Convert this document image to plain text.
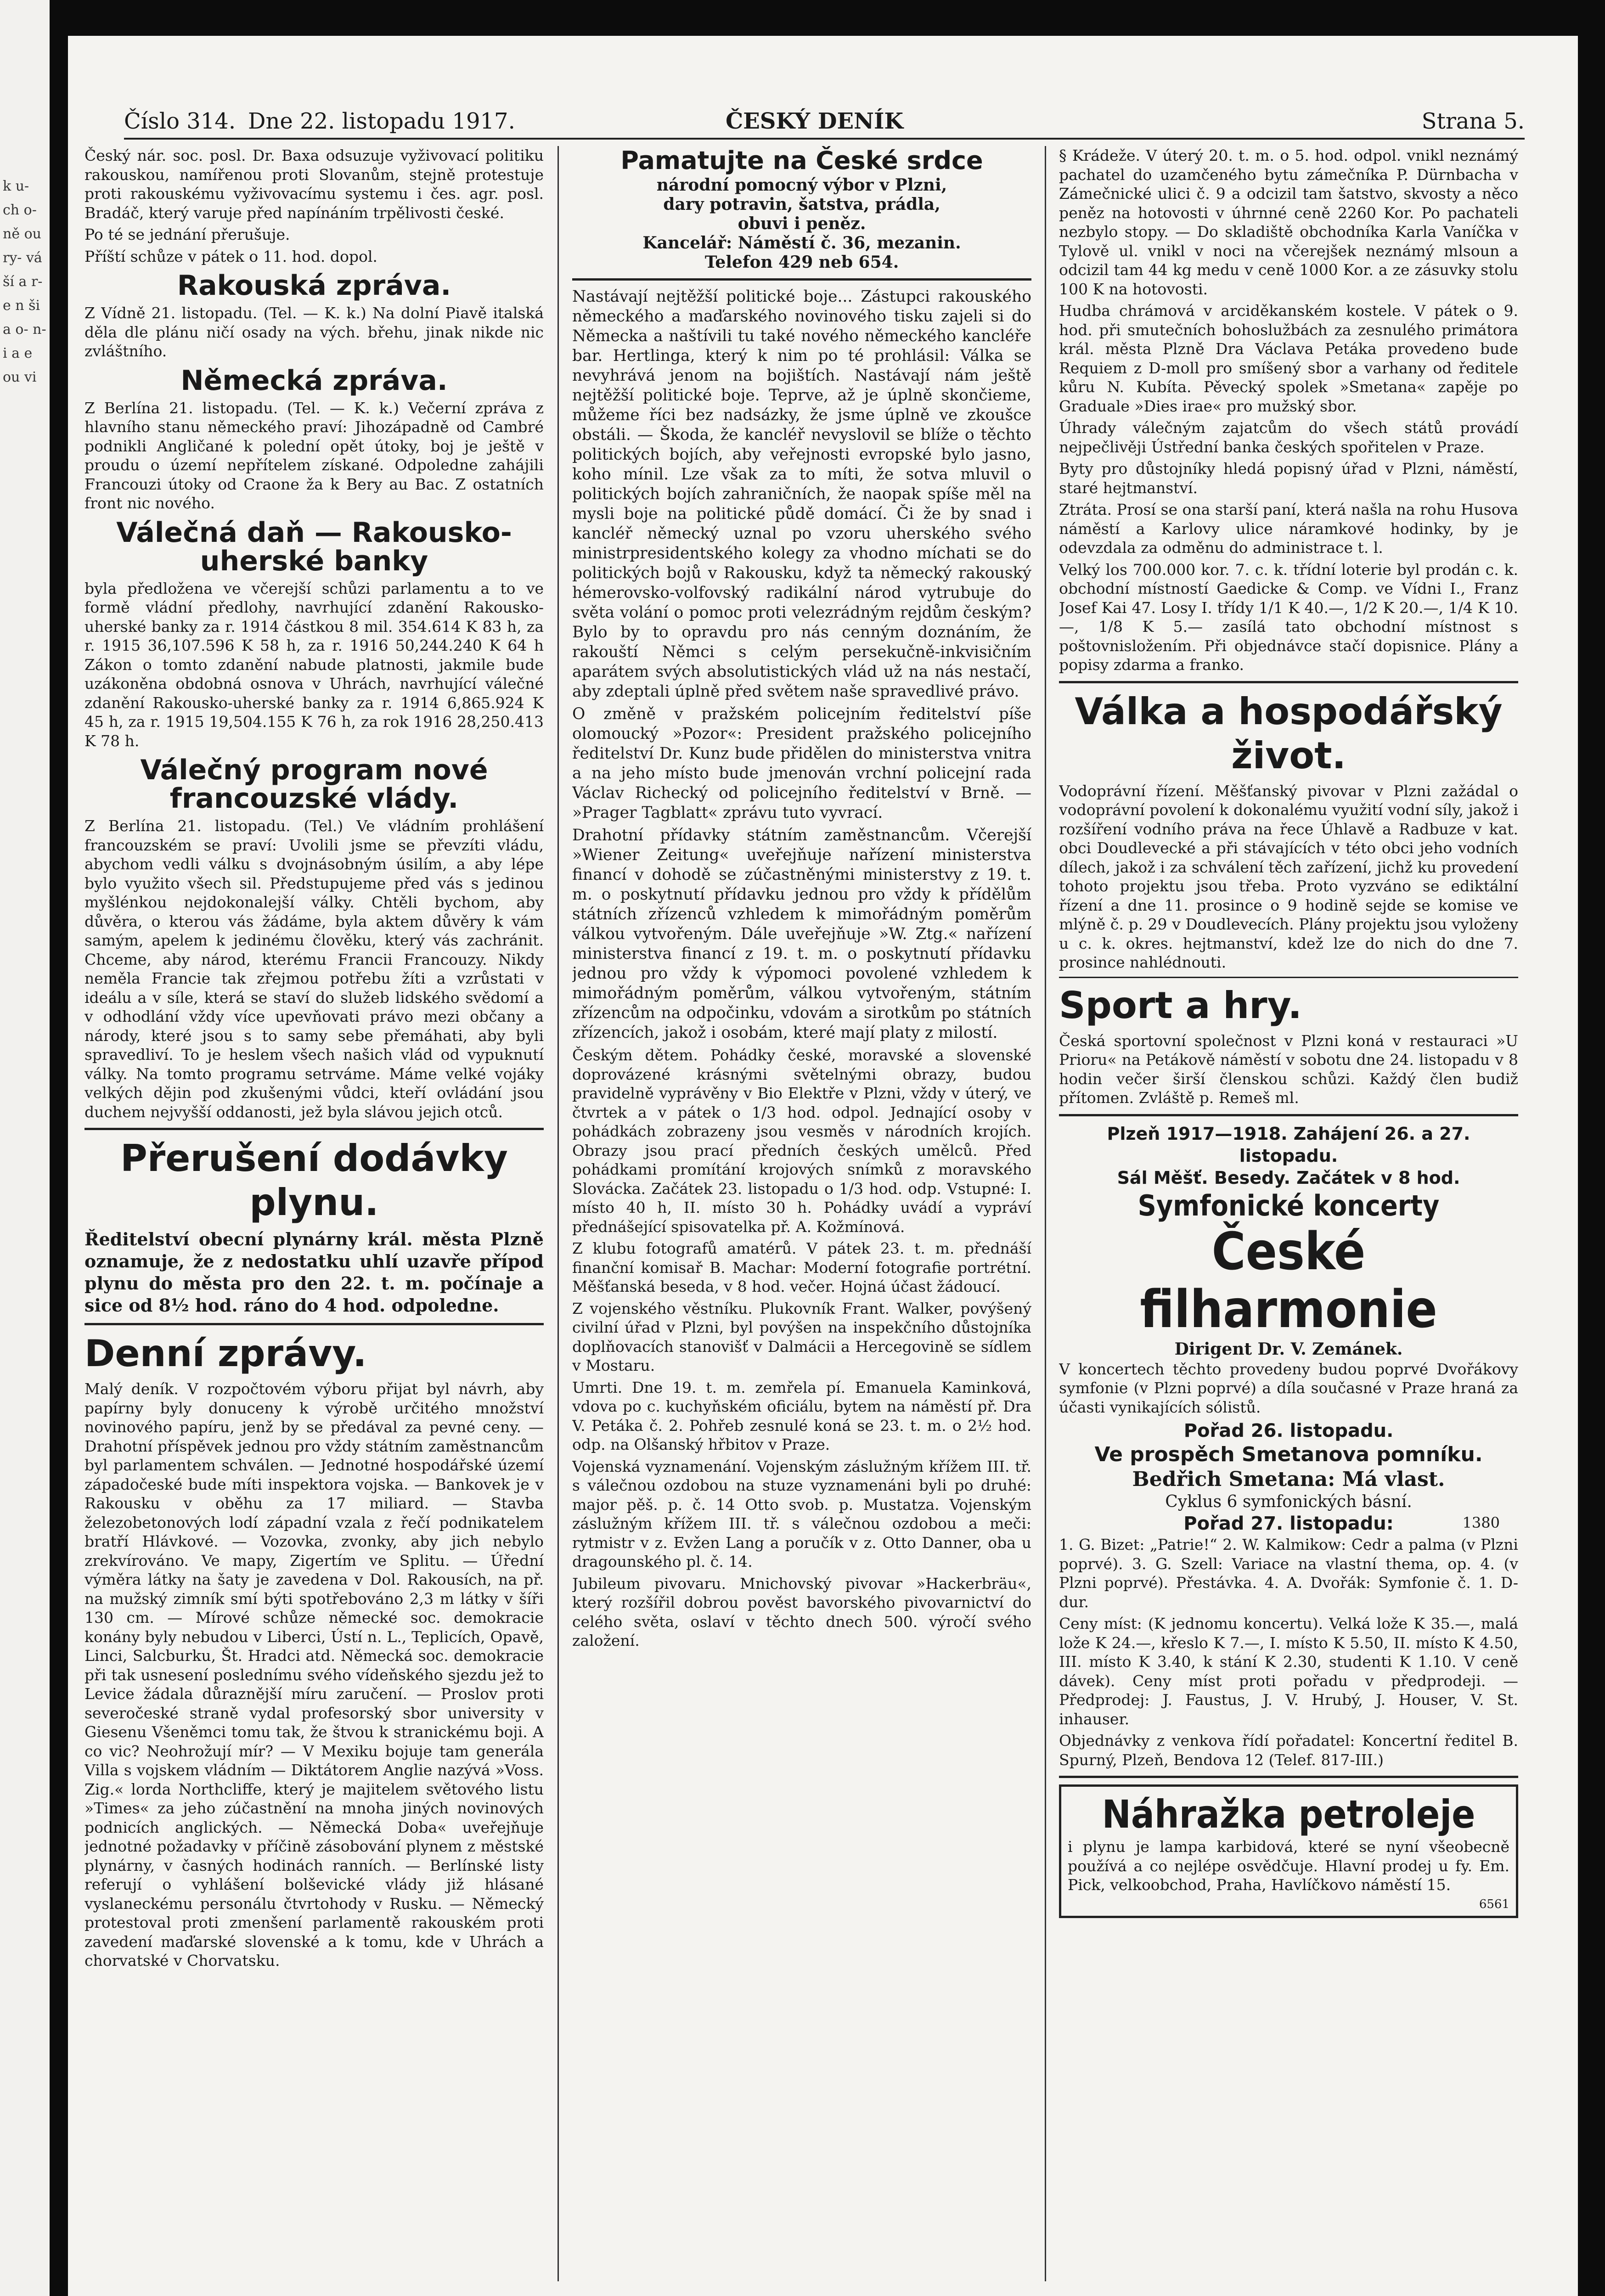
k u- ch o- ně ou ry- vá ší a r- e n ši a o- n- i a e ou vi
Číslo 314. Dne 22. listopadu 1917.	ČESKÝ DENÍK	Strana 5.

Český nár. soc. posl. Dr. Baxa odsuzuje vyživovací politiku rakouskou, namířenou proti Slovanům, stejně protestuje proti rakouskému vyživovacímu systemu i čes. agr. posl. Bradáč, který varuje před napínáním trpělivosti české.

Po té se jednání přerušuje.

Příští schůze v pátek o 11. hod. dopol.

Rakouská zpráva.

Z Vídně 21. listopadu. (Tel. — K. k.) Na dolní Piavě italská děla dle plánu ničí osady na vých. břehu, jinak nikde nic zvláštního.

Německá zpráva.

Z Berlína 21. listopadu. (Tel. — K. k.) Večerní zpráva z hlavního stanu německého praví: Jihozápadně od Cambré podnikli Angličané k polední opět útoky, boj je ještě v proudu o území nepřítelem získané. Odpoledne zahájili Francouzi útoky od Craone ža k Bery au Bac. Z ostatních front nic nového.

Válečná daň — Rakousko-uherské banky

byla předložena ve včerejší schůzi parlamentu a to ve formě vládní předlohy, navrhující zdanění Rakousko-uherské banky za r. 1914 částkou 8 mil. 354.614 K 83 h, za r. 1915 36,107.596 K 58 h, za r. 1916 50,244.240 K 64 h Zákon o tomto zdanění nabude platnosti, jakmile bude uzákoněna obdobná osnova v Uhrách, navrhující válečné zdanění Rakousko-uherské banky za r. 1914 6,865.924 K 45 h, za r. 1915 19,504.155 K 76 h, za rok 1916 28,250.413 K 78 h.

Válečný program nové francouzské vlády.

Z Berlína 21. listopadu. (Tel.) Ve vládním prohlášení francouzském se praví: Uvolili jsme se převzíti vládu, abychom vedli válku s dvojnásobným úsilím, a aby lépe bylo využito všech sil. Předstupujeme před vás s jedinou myšlénkou nejdokonalejší války. Chtěli bychom, aby důvěra, o kterou vás žádáme, byla aktem důvěry k vám samým, apelem k jedinému člověku, který vás zachránit. Chceme, aby národ, kterému Francii Francouzy. Nikdy neměla Francie tak zřejmou potřebu žíti a vzrůstati v ideálu a v síle, která se staví do služeb lidského svědomí a v odhodlání vždy více upevňovati právo mezi občany a národy, které jsou s to samy sebe přemáhati, aby byli spravedliví. To je heslem všech našich vlád od vypuknutí války. Na tomto programu setrváme. Máme velké vojáky velkých dějin pod zkušenými vůdci, kteří ovládání jsou duchem nejvyšší oddanosti, jež byla slávou jejich otců.

Přerušení dodávky plynu.

Ředitelství obecní plynárny král. města Plzně oznamuje, že z nedostatku uhlí uzavře přípod plynu do města pro den 22. t. m. počínaje a sice od 8½ hod. ráno do 4 hod. odpoledne.

Denní zprávy.

Malý deník. V rozpočtovém výboru přijat byl návrh, aby papírny byly donuceny k výrobě určitého množství novinového papíru, jenž by se předával za pevné ceny. — Drahotní příspěvek jednou pro vždy státním zaměstnancům byl parlamentem schválen. — Jednotné hospodářské území západočeské bude míti inspektora vojska. — Bankovek je v Rakousku v oběhu za 17 miliard. — Stavba železobetonových lodí západní vzala z řečí podnikatelem bratří Hlávkové. — Vozovka, zvonky, aby jich nebylo zrekvírováno. Ve mapy, Zigertím ve Splitu. — Úřední výměra látky na šaty je zavedena v Dol. Rakousích, na př. na mužský zimník smí býti spotřebováno 2,3 m látky v šíři 130 cm. — Mírové schůze německé soc. demokracie konány byly nebudou v Liberci, Ústí n. L., Teplicích, Opavě, Linci, Salcburku, Št. Hradci atd. Německá soc. demokracie při tak usnesení poslednímu svého vídeňského sjezdu jež to Levice žádala důraznější míru zaručení. — Proslov proti severočeské straně vydal profesorský sbor university v Giesenu Všeněmci tomu tak, že štvou k stranickému boji. A co vic? Neohrožují mír? — V Mexiku bojuje tam generála Villa s vojskem vládním — Diktátorem Anglie nazývá »Voss. Zig.« lorda Northcliffe, který je majitelem světového listu »Times« za jeho zúčastnění na mnoha jiných novinových podnicích anglických. — Německá Doba« uveřejňuje jednotné požadavky v příčině zásobování plynem z městské plynárny, v časných hodinách ranních. — Berlínské listy referují o vyhlášení bolševické vlády již hlásané vyslaneckému personálu čtvrtohody v Rusku. — Německý protestoval proti zmenšení parlamentě rakouském proti zavedení maďarské slovenské a k tomu, kde v Uhrách a chorvatské v Chorvatsku.

Pamatujte na České srdce
národní pomocný výbor v Plzni,
dary potravin, šatstva, prádla,
obuvi i peněz.
Kancelář: Náměstí č. 36, mezanin.
Telefon 429 neb 654.

Nastávají nejtěžší politické boje... Zástupci rakouského německého a maďarského novinového tisku zajeli si do Německa a naštívili tu také nového německého kancléře bar. Hertlinga, který k nim po té prohlásil: Válka se nevyhrává jenom na bojištích. Nastávají nám ještě nejtěžší politické boje. Teprve, až je úplně skončieme, můžeme říci bez nadsázky, že jsme úplně ve zkoušce obstáli. — Škoda, že kancléř nevyslovil se blíže o těchto politických bojích, aby veřejnosti evropské bylo jasno, koho mínil. Lze však za to míti, že sotva mluvil o politických bojích zahraničních, že naopak spíše měl na mysli boje na politické půdě domácí. Či že by snad i kancléř německý uznal po vzoru uherského svého ministrpresidentského kolegy za vhodno míchati se do politických bojů v Rakousku, když ta německý rakouský hémerovsko-volfovský radikální národ vytrubuje do světa volání o pomoc proti velezrádným rejdům českým? Bylo by to opravdu pro nás cenným doznáním, že rakouští Němci s celým persekučně-inkvisičním aparátem svých absolutistických vlád už na nás nestačí, aby zdeptali úplně před světem naše spravedlivé právo.

O změně v pražském policejním ředitelství píše olomoucký »Pozor«: President pražského policejního ředitelství Dr. Kunz bude přidělen do ministerstva vnitra a na jeho místo bude jmenován vrchní policejní rada Václav Richecký od policejního ředitelství v Brně. — »Prager Tagblatt« zprávu tuto vyvrací.

Drahotní přídavky státním zaměstnancům. Včerejší »Wiener Zeitung« uveřejňuje nařízení ministerstva financí v dohodě se zúčastněnými ministerstvy z 19. t. m. o poskytnutí přídavku jednou pro vždy k přídělům státních zřízenců vzhledem k mimořádným poměrům válkou vytvořeným. Dále uveřejňuje »W. Ztg.« nařízení ministerstva financí z 19. t. m. o poskytnutí přídavku jednou pro vždy k výpomoci povolené vzhledem k mimořádným poměrům, válkou vytvořeným, státním zřízencům na odpočinku, vdovám a sirotkům po státních zřízencích, jakož i osobám, které mají platy z milostí.

Českým dětem. Pohádky české, moravské a slovenské doprovázené krásnými světelnými obrazy, budou pravidelně vyprávěny v Bio Elektře v Plzni, vždy v úterý, ve čtvrtek a v pátek o 1/3 hod. odpol. Jednající osoby v pohádkách zobrazeny jsou vesměs v národních krojích. Obrazy jsou prací předních českých umělců. Před pohádkami promítání krojových snímků z moravského Slovácka. Začátek 23. listopadu o 1/3 hod. odp. Vstupné: I. místo 40 h, II. místo 30 h. Pohádky uvádí a vypráví přednášející spisovatelka př. A. Kožmínová.

Z klubu fotografů amatérů. V pátek 23. t. m. přednáší finanční komisař B. Machar: Moderní fotografie portrétní. Měšťanská beseda, v 8 hod. večer. Hojná účast žádoucí.

Z vojenského věstníku. Plukovník Frant. Walker, povýšený civilní úřad v Plzni, byl povýšen na inspekčního důstojníka doplňovacích stanovišť v Dalmácii a Hercegovině se sídlem v Mostaru.

Umrti. Dne 19. t. m. zemřela pí. Emanuela Kaminková, vdova po c. kuchyňském oficiálu, bytem na náměstí př. Dra V. Petáka č. 2. Pohřeb zesnulé koná se 23. t. m. o 2½ hod. odp. na Olšanský hřbitov v Praze.

Vojenská vyznamenání. Vojenským záslužným křížem III. tř. s válečnou ozdobou na stuze vyznamenáni byli po druhé: major pěš. p. č. 14 Otto svob. p. Mustatza. Vojenským záslužným křížem III. tř. s válečnou ozdobou a meči: rytmistr v z. Evžen Lang a poručík v z. Otto Danner, oba u dragounského pl. č. 14.

Jubileum pivovaru. Mnichovský pivovar »Hackerbräu«, který rozšířil dobrou pověst bavorského pivovarnictví do celého světa, oslaví v těchto dnech 500. výročí svého založení.

§ Krádeže. V úterý 20. t. m. o 5. hod. odpol. vnikl neznámý pachatel do uzamčeného bytu zámečníka P. Dürnbacha v Zámečnické ulici č. 9 a odcizil tam šatstvo, skvosty a něco peněz na hotovosti v úhrnné ceně 2260 Kor. Po pachateli nezbylo stopy. — Do skladiště obchodníka Karla Vaníčka v Tylově ul. vnikl v noci na včerejšek neznámý mlsoun a odcizil tam 44 kg medu v ceně 1000 Kor. a ze zásuvky stolu 100 K na hotovosti.

Hudba chrámová v arciděkanském kostele. V pátek o 9. hod. při smutečních bohoslužbách za zesnulého primátora král. města Plzně Dra Václava Petáka provedeno bude Requiem z D-moll pro smíšený sbor a varhany od ředitele kůru N. Kubíta. Pěvecký spolek »Smetana« zapěje po Graduale »Dies irae« pro mužský sbor.

Úhrady válečným zajatcům do všech států provádí nejpečlivěji Ústřední banka českých spořitelen v Praze.

Byty pro důstojníky hledá popisný úřad v Plzni, náměstí, staré hejtmanství.

Ztráta. Prosí se ona starší paní, která našla na rohu Husova náměstí a Karlovy ulice náramkové hodinky, by je odevzdala za odměnu do administrace t. l.

Velký los 700.000 kor. 7. c. k. třídní loterie byl prodán c. k. obchodní místností Gaedicke & Comp. ve Vídni I., Franz Josef Kai 47. Losy I. třídy 1/1 K 40.—, 1/2 K 20.—, 1/4 K 10.—, 1/8 K 5.— zasílá tato obchodní místnost s poštovnisložením. Při objednávce stačí dopisnice. Plány a popisy zdarma a franko.

Válka a hospodářský život.

Vodoprávní řízení. Měšťanský pivovar v Plzni zažádal o vodoprávní povolení k dokonalému využití vodní síly, jakož i rozšíření vodního práva na řece Úhlavě a Radbuze v kat. obci Doudlevecké a při stávajících v této obci jeho vodních dílech, jakož i za schválení těch zařízení, jichž ku provedení tohoto projektu jsou třeba. Proto vyzváno se ediktální řízení a dne 11. prosince o 9 hodině sejde se komise ve mlýně č. p. 29 v Doudlevecích. Plány projektu jsou vyloženy u c. k. okres. hejtmanství, kdež lze do nich do dne 7. prosince nahlédnouti.

Sport a hry.

Česká sportovní společnost v Plzni koná v restauraci »U Prioru« na Petákově náměstí v sobotu dne 24. listopadu v 8 hodin večer širší členskou schůzi. Každý člen budiž přítomen. Zvláště p. Remeš ml.

Plzeň 1917—1918. Zahájení 26. a 27. listopadu.
Sál Měšť. Besedy. Začátek v 8 hod.
Symfonické koncerty
České filharmonie
Dirigent Dr. V. Zemánek.

V koncertech těchto provedeny budou poprvé Dvořákovy symfonie (v Plzni poprvé) a díla současné v Praze hraná za účasti vynikajících sólistů.

Pořad 26. listopadu.
Ve prospěch Smetanova pomníku.
Bedřich Smetana: Má vlast.
Cyklus 6 symfonických básní.
Pořad 27. listopadu:	1380

1. G. Bizet: „Patrie!“ 2. W. Kalmikow: Cedr a palma (v Plzni poprvé). 3. G. Szell: Variace na vlastní thema, op. 4. (v Plzni poprvé). Přestávka. 4. A. Dvořák: Symfonie č. 1. D-dur.

Ceny míst: (K jednomu koncertu). Velká lože K 35.—, malá lože K 24.—, křeslo K 7.—, I. místo K 5.50, II. místo K 4.50, III. místo K 3.40, k stání K 2.30, studenti K 1.10. V ceně dávek). Ceny míst proti pořadu v předprodeji. — Předprodej: J. Faustus, J. V. Hrubý, J. Houser, V. St. inhauser.

Objednávky z venkova řídí pořadatel: Koncertní ředitel B. Spurný, Plzeň, Bendova 12 (Telef. 817-III.)

Náhražka petroleje

i plynu je lampa karbidová, které se nyní všeobecně používá a co nejlépe osvědčuje. Hlavní prodej u fy. Em. Pick, velkoobchod, Praha, Havlíčkovo náměstí 15.

6561
